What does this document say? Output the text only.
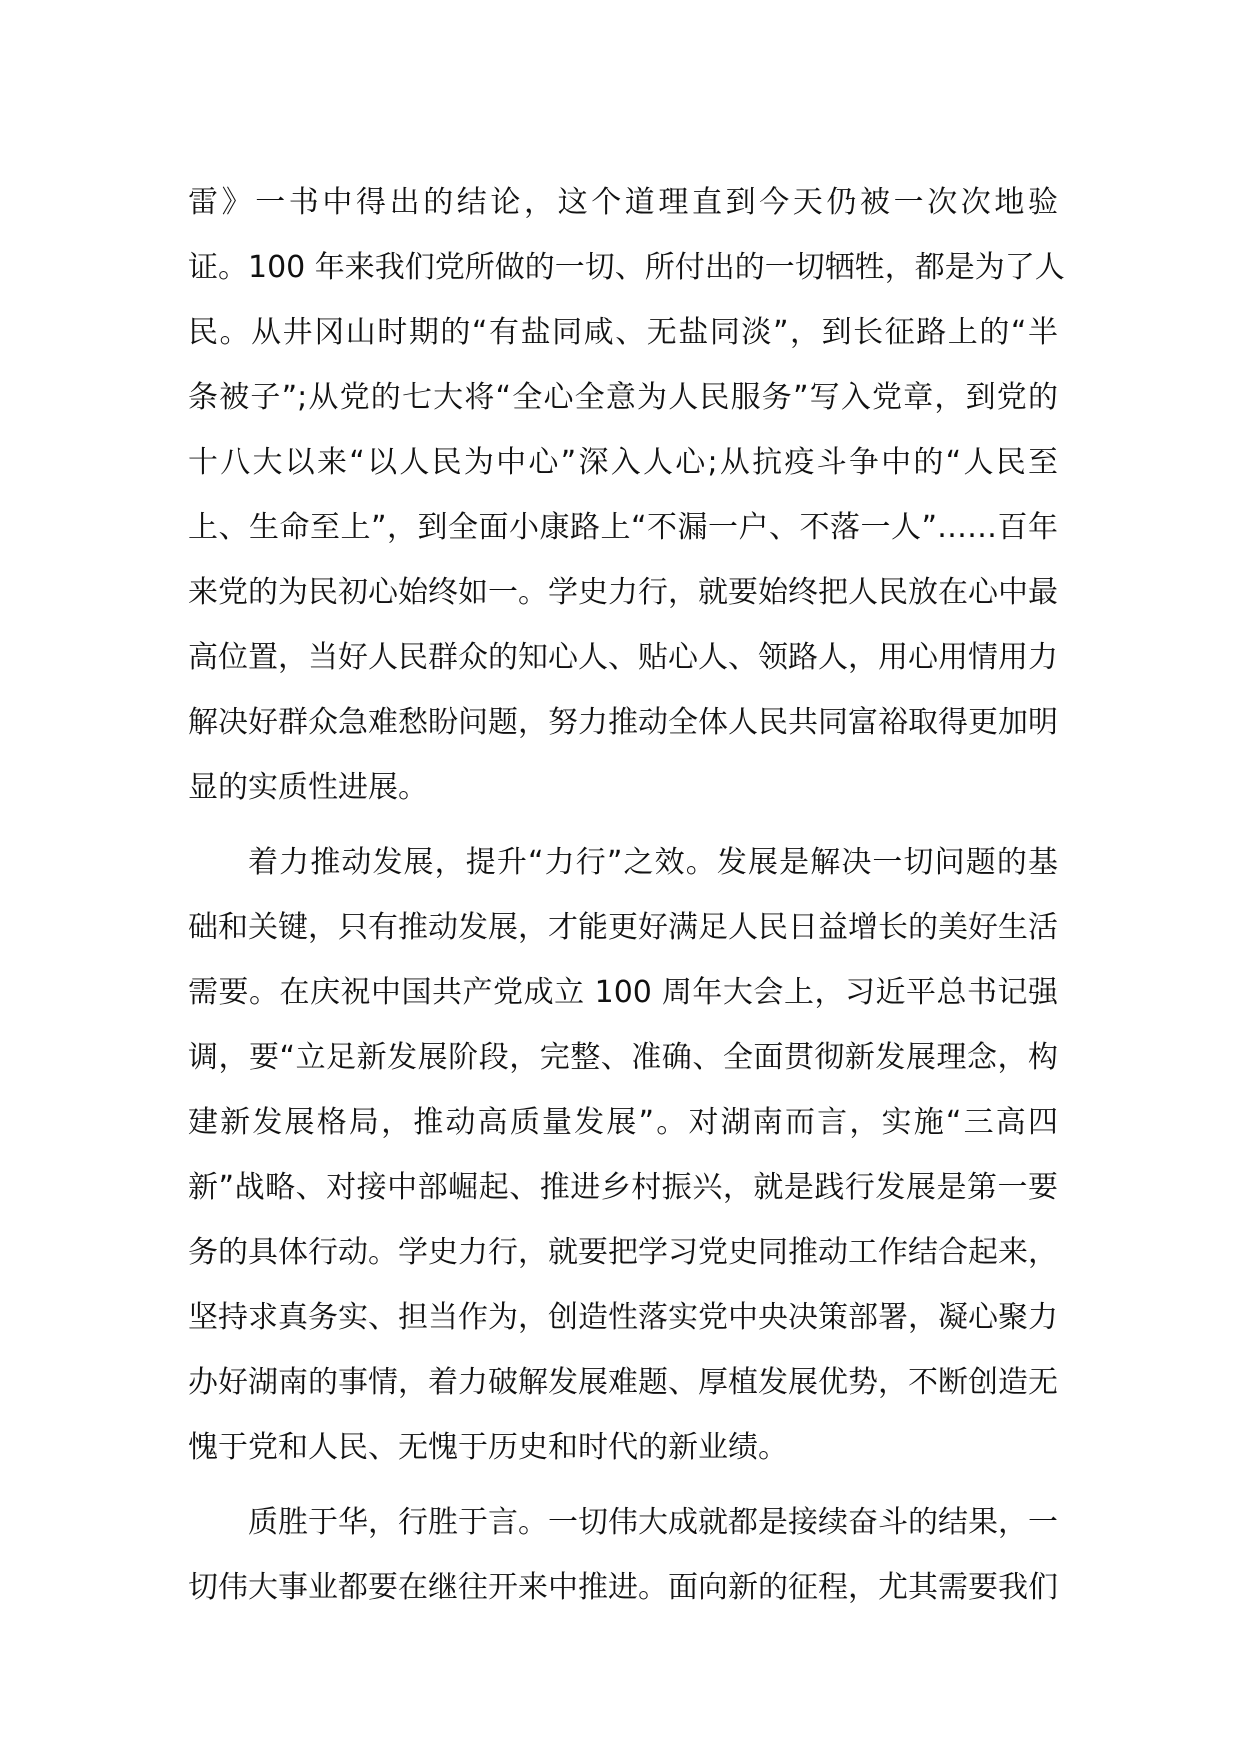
雷》一书中得出的结论，这个道理直到今天仍被一次次地验
证。100 年来我们党所做的一切、所付出的一切牺牲，都是为了人
民。从井冈山时期的“有盐同咸、无盐同淡”，到长征路上的“半
条被子”;从党的七大将“全心全意为人民服务”写入党章，到党的
十八大以来“以人民为中心”深入人心;从抗疫斗争中的“人民至
上、生命至上”，到全面小康路上“不漏一户、不落一人”……百年
来党的为民初心始终如一。学史力行，就要始终把人民放在心中最
高位置，当好人民群众的知心人、贴心人、领路人，用心用情用力
解决好群众急难愁盼问题，努力推动全体人民共同富裕取得更加明
显的实质性进展。
着力推动发展，提升“力行”之效。发展是解决一切问题的基
础和关键，只有推动发展，才能更好满足人民日益增长的美好生活
需要。在庆祝中国共产党成立 100 周年大会上，习近平总书记强
调，要“立足新发展阶段，完整、准确、全面贯彻新发展理念，构
建新发展格局，推动高质量发展”。对湖南而言，实施“三高四
新”战略、对接中部崛起、推进乡村振兴，就是践行发展是第一要
务的具体行动。学史力行，就要把学习党史同推动工作结合起来，
坚持求真务实、担当作为，创造性落实党中央决策部署，凝心聚力
办好湖南的事情，着力破解发展难题、厚植发展优势，不断创造无
愧于党和人民、无愧于历史和时代的新业绩。
质胜于华，行胜于言。一切伟大成就都是接续奋斗的结果，一
切伟大事业都要在继往开来中推进。面向新的征程，尤其需要我们
